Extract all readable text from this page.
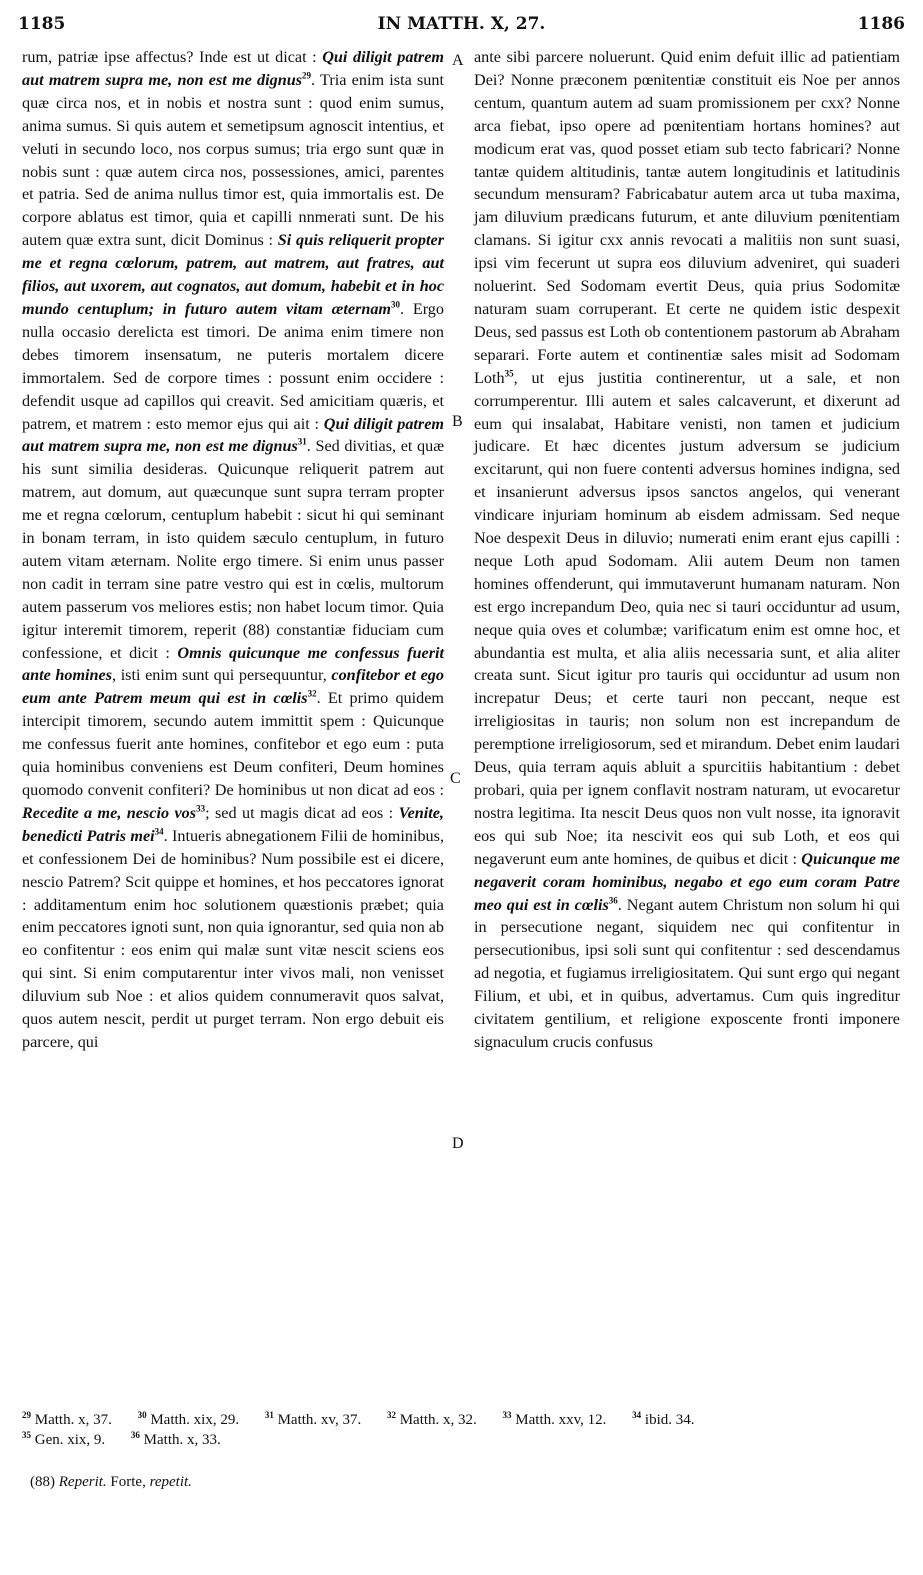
1185	IN MATTH. X, 27.	1186

rum, patriæ ipse affectus? Inde est ut dicat : Qui diligit patrem aut matrem supra me, non est me dignus$^{29}$. Tria enim ista sunt quæ circa nos, et in nobis et nostra sunt : quod enim sumus, anima sumus. Si quis autem et semetipsum agnoscit intentius, et veluti in secundo loco, nos corpus sumus; tria ergo sunt quæ in nobis sunt : quæ autem circa nos, possessiones, amici, parentes et patria. Sed de anima nullus timor est, quia immortalis est. De corpore ablatus est timor, quia et capilli nnmerati sunt. De his autem quæ extra sunt, dicit Dominus : Si quis reliquerit propter me et regna cœlorum, patrem, aut matrem, aut fratres, aut filios, aut uxorem, aut cognatos, aut domum, habebit et in hoc mundo centuplum; in futuro autem vitam æternam$^{30}$. Ergo nulla occasio derelicta est timori. De anima enim timere non debes timorem insensatum, ne puteris mortalem dicere immortalem. Sed de corpore times : possunt enim occidere : defendit usque ad capillos qui creavit. Sed amicitiam quæris, et patrem, et matrem : esto memor ejus qui ait : Qui diligit patrem aut matrem supra me, non est me dignus$^{31}$. Sed divitias, et quæ his sunt similia desideras. Quicunque reliquerit patrem aut matrem, aut domum, aut quæcunque sunt supra terram propter me et regna cœlorum, centuplum habebit : sicut hi qui seminant in bonam terram, in isto quidem sæculo centuplum, in futuro autem vitam æternam. Nolite ergo timere. Si enim unus passer non cadit in terram sine patre vestro qui est in cœlis, multorum autem passerum vos meliores estis; non habet locum timor. Quia igitur interemit timorem, reperit (88) constantiæ fiduciam cum confessione, et dicit : Omnis quicunque me confessus fuerit ante homines, isti enim sunt qui persequuntur, confitebor et ego eum ante Patrem meum qui est in cœlis$^{32}$. Et primo quidem intercipit timorem, secundo autem immittit spem : Quicunque me confessus fuerit ante homines, confitebor et ego eum : puta quia hominibus conveniens est Deum confiteri, Deum homines quomodo convenit confiteri? De hominibus ut non dicat ad eos : Recedite a me, nescio vos$^{33}$; sed ut magis dicat ad eos : Venite, benedicti Patris mei$^{34}$. Intueris abnegationem Filii de hominibus, et confessionem Dei de hominibus? Num possibile est ei dicere, nescio Patrem? Scit quippe et homines, et hos peccatores ignorat : additamentum enim hoc solutionem quæstionis præbet; quia enim peccatores ignoti sunt, non quia ignorantur, sed quia non ab eo confitentur : eos enim qui malæ sunt vitæ nescit sciens eos qui sint. Si enim computarentur inter vivos mali, non venisset diluvium sub Noe : et alios quidem connumeravit quos salvat, quos autem nescit, perdit ut purget terram. Non ergo debuit eis parcere, qui

ante sibi parcere noluerunt. Quid enim defuit illic ad patientiam Dei? Nonne præconem pœnitentiæ constituit eis Noe per annos centum, quantum autem ad suam promissionem per cxx? Nonne arca fiebat, ipso opere ad pœnitentiam hortans homines? aut modicum erat vas, quod posset etiam sub tecto fabricari? Nonne tantæ quidem altitudinis, tantæ autem longitudinis et latitudinis secundum mensuram? Fabricabatur autem arca ut tuba maxima, jam diluvium prædicans futurum, et ante diluvium pœnitentiam clamans. Si igitur cxx annis revocati a malitiis non sunt suasi, ipsi vim fecerunt ut supra eos diluvium adveniret, qui suaderi noluerint. Sed Sodomam evertit Deus, quia prius Sodomitæ naturam suam corruperant. Et certe ne quidem istic despexit Deus, sed passus est Loth ob contentionem pastorum ab Abraham separari. Forte autem et continentiæ sales misit ad Sodomam Loth$^{35}$, ut ejus justitia continerentur, ut a sale, et non corrumperentur. Illi autem et sales calcaverunt, et dixerunt ad eum qui insalabat, Habitare venisti, non tamen et judicium judicare. Et hæc dicentes justum adversum se judicium excitarunt, qui non fuere contenti adversus homines indigna, sed et insanierunt adversus ipsos sanctos angelos, qui venerant vindicare injuriam hominum ab eisdem admissam. Sed neque Noe despexit Deus in diluvio; numerati enim erant ejus capilli : neque Loth apud Sodomam. Alii autem Deum non tamen homines offenderunt, qui immutaverunt humanam naturam. Non est ergo increpandum Deo, quia nec si tauri occiduntur ad usum, neque quia oves et columbæ; varificatum enim est omne hoc, et abundantia est multa, et alia aliis necessaria sunt, et alia aliter creata sunt. Sicut igitur pro tauris qui occiduntur ad usum non increpatur Deus; et certe tauri non peccant, neque est irreligiositas in tauris; non solum non est increpandum de peremptione irreligiosorum, sed et mirandum. Debet enim laudari Deus, quia terram aquis abluit a spurcitiis habitantium : debet probari, quia per ignem conflavit nostram naturam, ut evocaretur nostra legitima. Ita nescit Deus quos non vult nosse, ita ignoravit eos qui sub Noe; ita nescivit eos qui sub Loth, et eos qui negaverunt eum ante homines, de quibus et dicit : Quicunque me negaverit coram hominibus, negabo et ego eum coram Patre meo qui est in cœlis$^{36}$. Negant autem Christum non solum hi qui in persecutione negant, siquidem nec qui confitentur in persecutionibus, ipsi soli sunt qui confitentur : sed descendamus ad negotia, et fugiamus irreligiositatem. Qui sunt ergo qui negant Filium, et ubi, et in quibus, advertamus. Cum quis ingreditur civitatem gentilium, et religione exposcente fronti imponere signaculum crucis confusus

A
B
C
D
$^{29}$ Matth. x, 37.	$^{30}$ Matth. xix, 29.	$^{31}$ Matth. xv, 37.	$^{32}$ Matth. x, 32.	$^{33}$ Matth. xxv, 12.	$^{34}$ ibid. 34.
$^{35}$ Gen. xix, 9.	$^{36}$ Matth. x, 33.
(88) Reperit. Forte, repetit.
